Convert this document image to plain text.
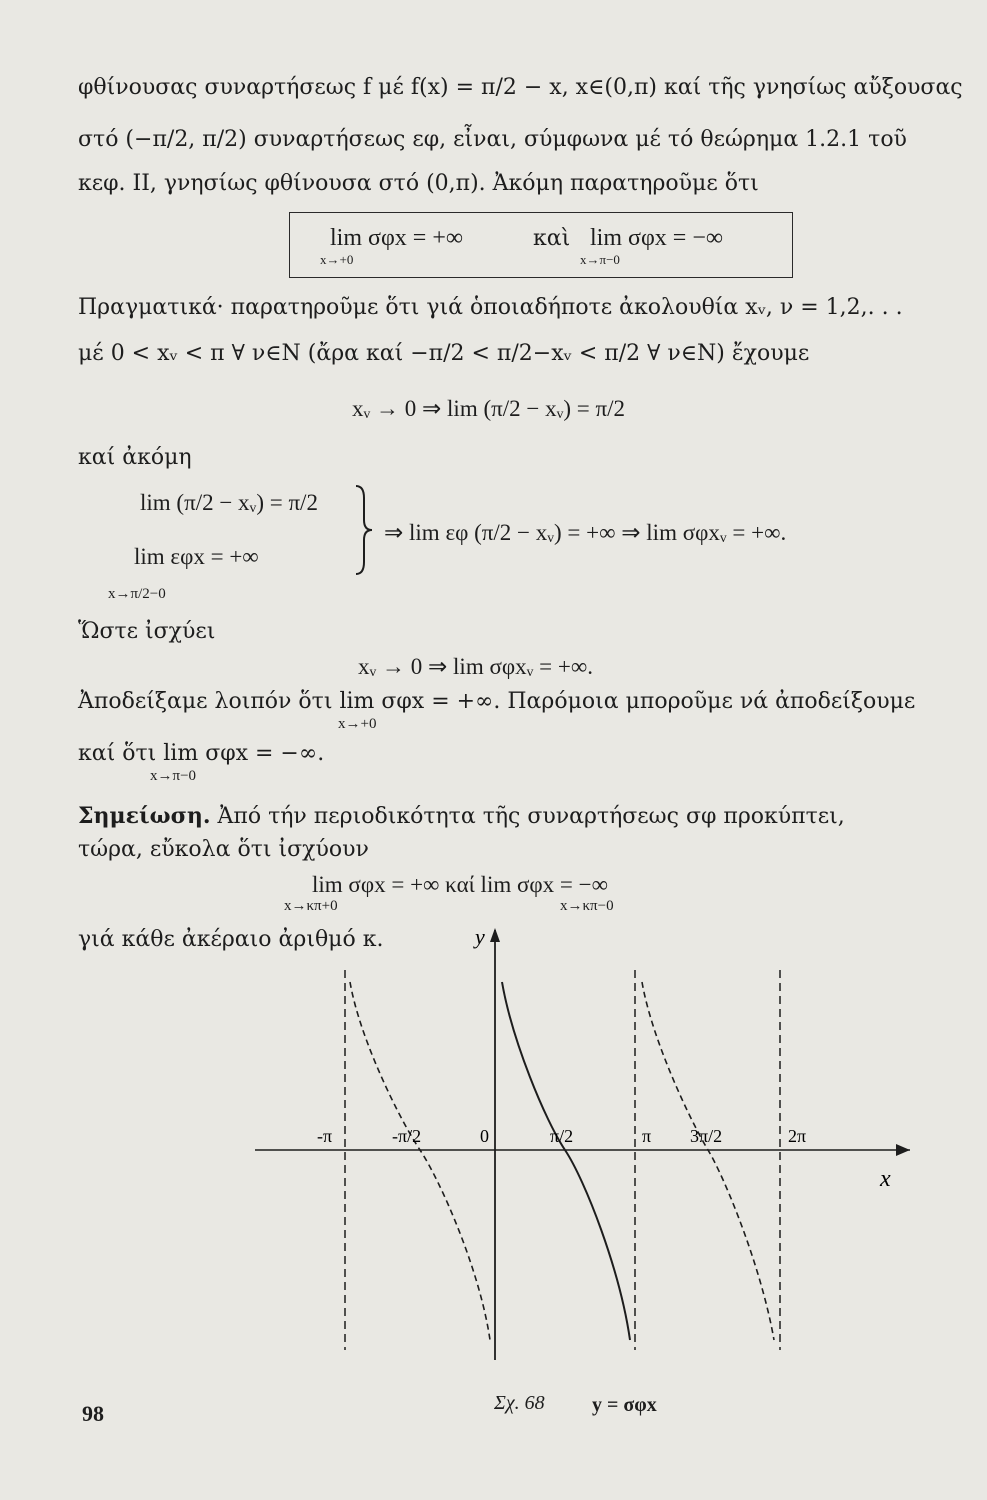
φθίνουσας συναρτήσεως f μέ f(x) = π/2 − x, x∈(0,π) καί τῆς γνησίως αὔξουσας
στό (−π/2, π/2) συναρτήσεως εφ, εἶναι, σύμφωνα μέ τό θεώρημα 1.2.1 τοῦ
κεφ. II, γνησίως φθίνουσα στό (0,π). Ἀκόμη παρατηροῦμε ὅτι
lim σφx = +∞
x→+0
καὶ lim σφx = −∞
x→π−0
Πραγματικά· παρατηροῦμε ὅτι γιά ὁποιαδήποτε ἀκολουθία xᵥ, ν = 1,2,. . .
μέ 0 < xᵥ < π ∀ ν∈N (ἄρα καί −π/2 < π/2−xᵥ < π/2 ∀ ν∈N) ἔχουμε
xᵥ → 0 ⇒ lim (π/2 − xᵥ) = π/2
καί ἀκόμη
lim (π/2 − xᵥ) = π/2
lim εφx = +∞
x→π/2−0
⇒ lim εφ (π/2 − xᵥ) = +∞ ⇒ lim σφxᵥ = +∞.
Ὥστε ἰσχύει
xᵥ → 0 ⇒ lim σφxᵥ = +∞.
Ἀποδείξαμε λοιπόν ὅτι lim σφx = +∞. Παρόμοια μποροῦμε νά ἀποδείξουμε
x→+0
καί ὅτι lim σφx = −∞.
x→π−0
Σημείωση. Ἀπό τήν περιοδικότητα τῆς συναρτήσεως σφ προκύπτει,
τώρα, εὔκολα ὅτι ἰσχύουν
lim σφx = +∞ καί lim σφx = −∞
x→κπ+0	x→κπ−0
γιά κάθε ἀκέραιο ἀριθμό κ.	y
x
-π	-π/2	0	π/2	π 3π/2	2π
Σχ. 68 y = σφx
98
